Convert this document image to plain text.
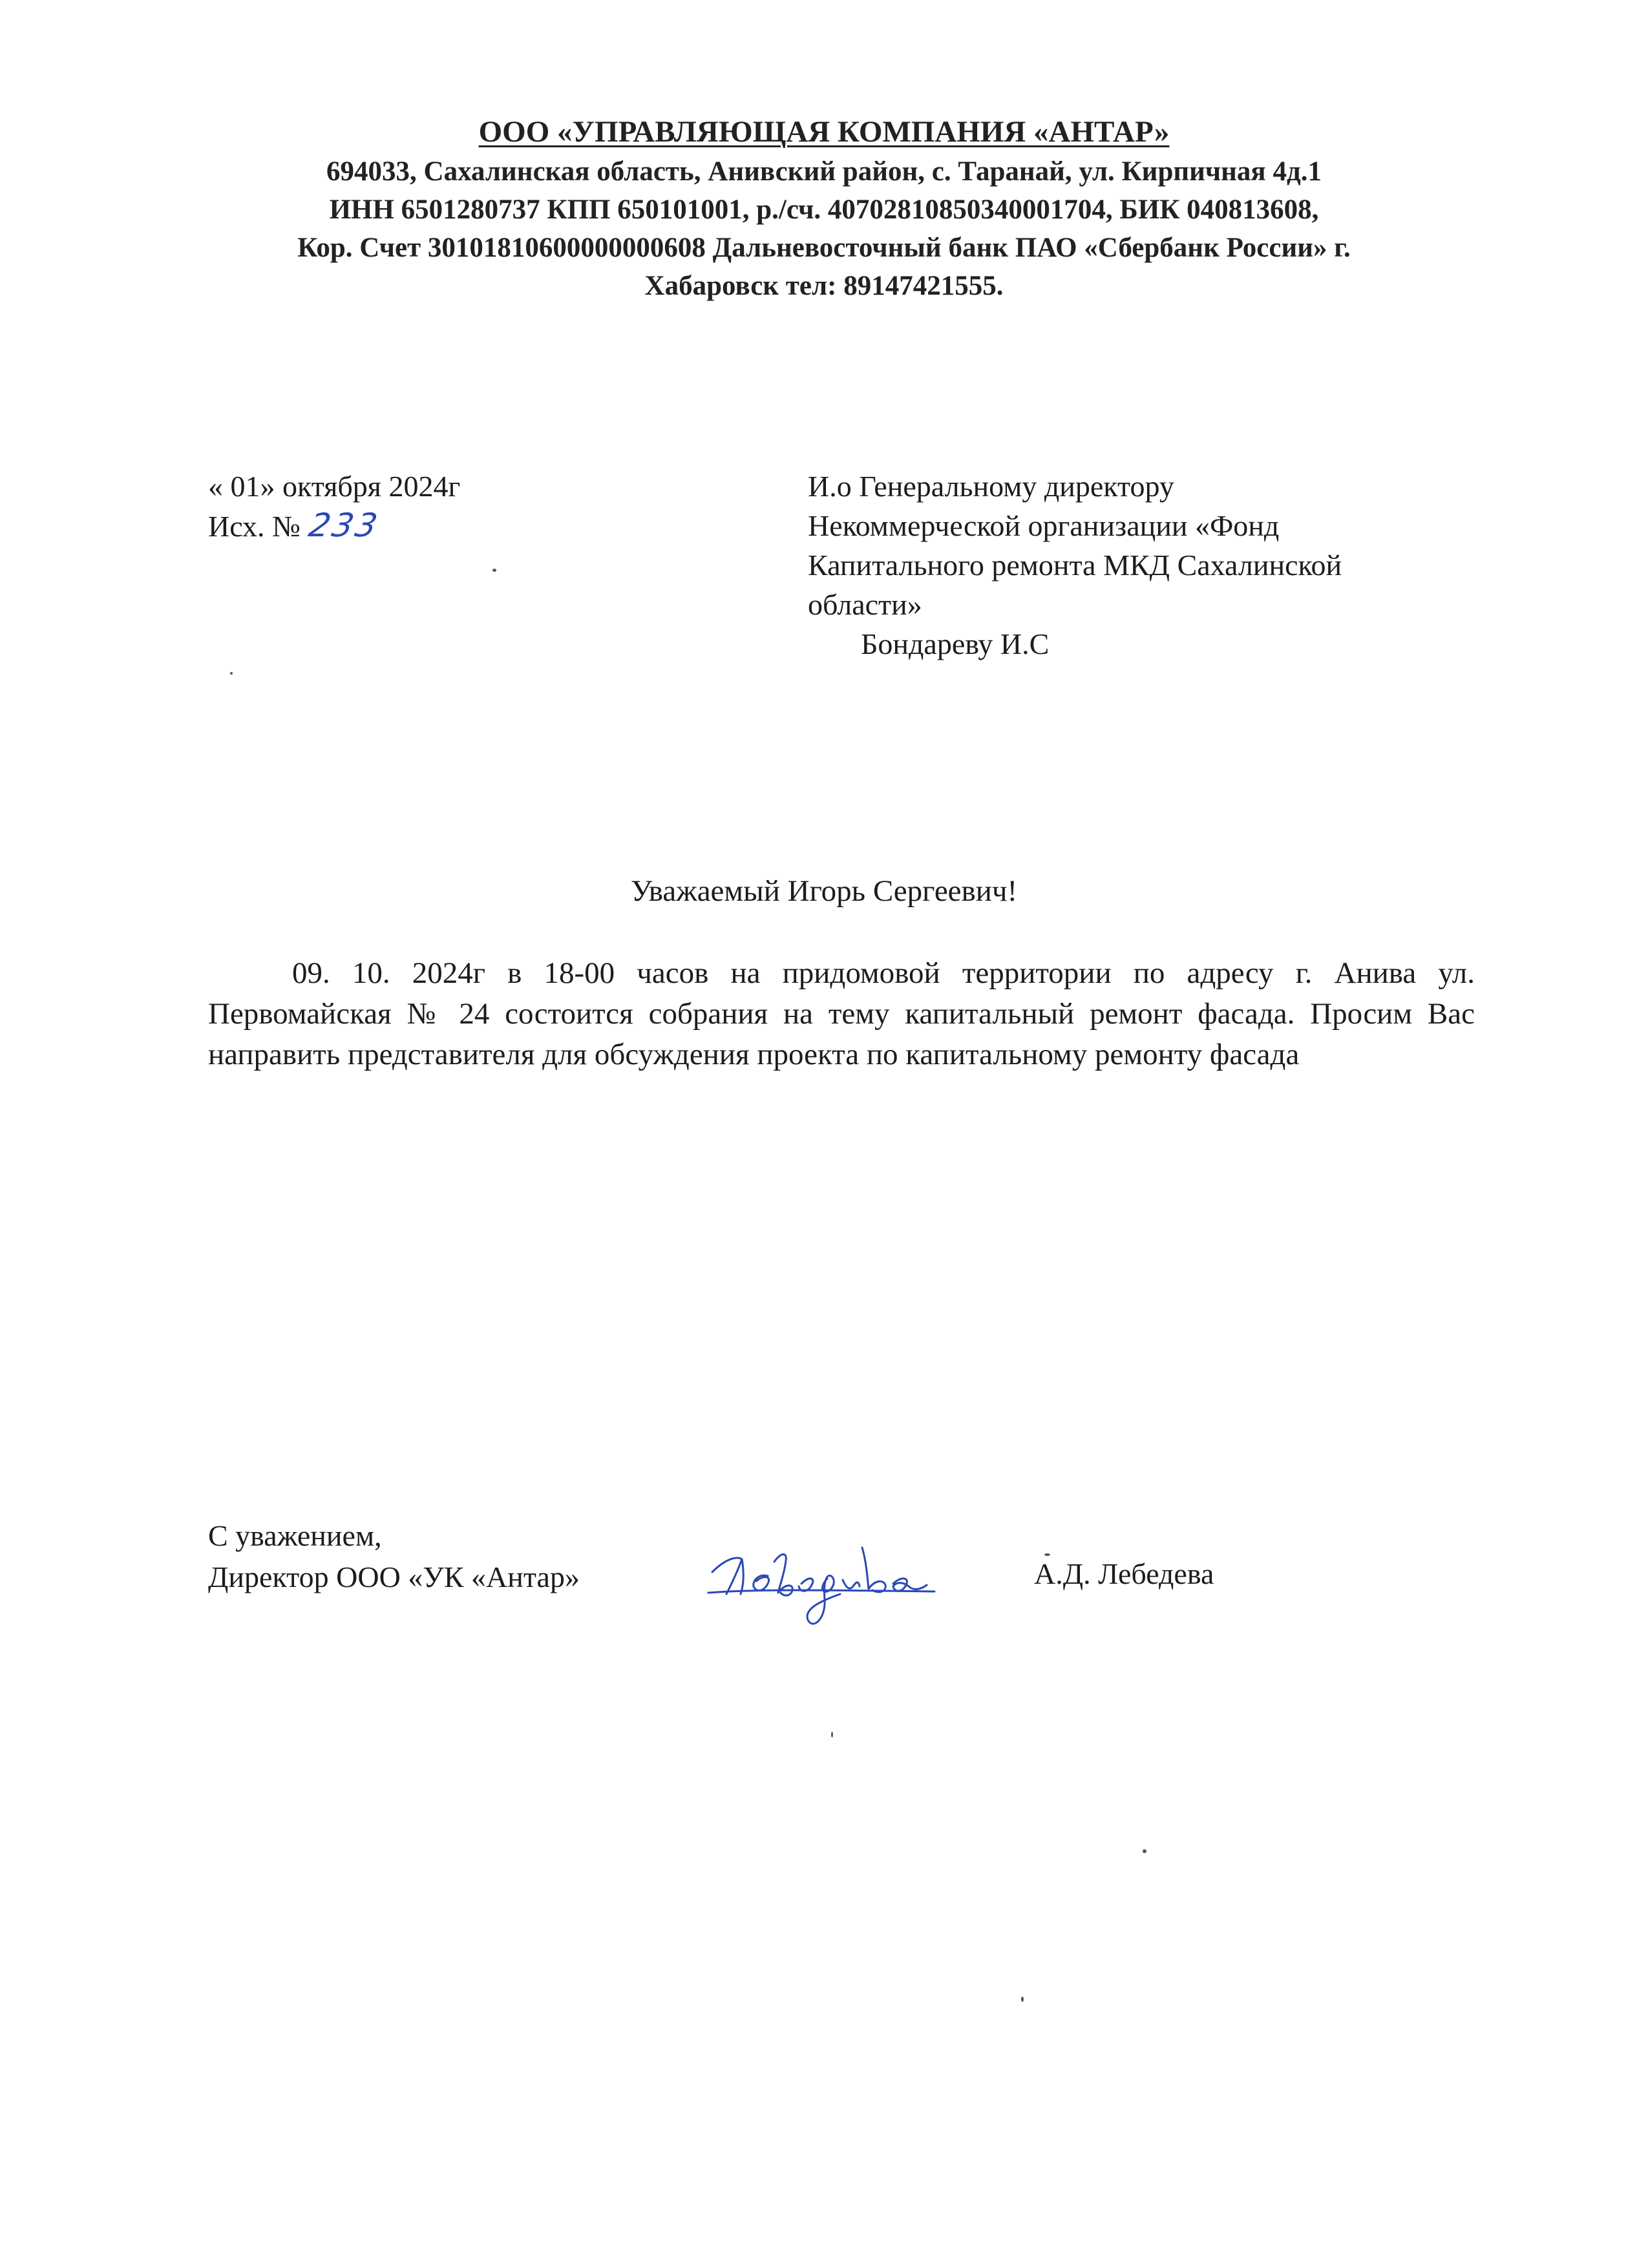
ООО «УПРАВЛЯЮЩАЯ КОМПАНИЯ «АНТАР»
694033, Сахалинская область, Анивский район, с. Таранай, ул. Кирпичная 4д.1
ИНН 6501280737 КПП 650101001, р./сч. 40702810850340001704, БИК 040813608,
Кор. Счет 30101810600000000608 Дальневосточный банк ПАО «Сбербанк России» г.
Хабаровск тел: 89147421555.
« 01» октября 2024г
Исх. № 233
И.о Генеральному директору
Некоммерческой организации «Фонд
Капитального ремонта МКД Сахалинской
области»
Бондареву И.С
Уважаемый Игорь Сергеевич!
09. 10. 2024г в 18-00 часов на придомовой территории по адресу г. Анива ул. Первомайская № 24 состоится собрания на тему капитальный ремонт фасада. Просим Вас направить представителя для обсуждения проекта по капитальному ремонту фасада
С уважением,
Директор ООО «УК «Антар»	А.Д. Лебедева
